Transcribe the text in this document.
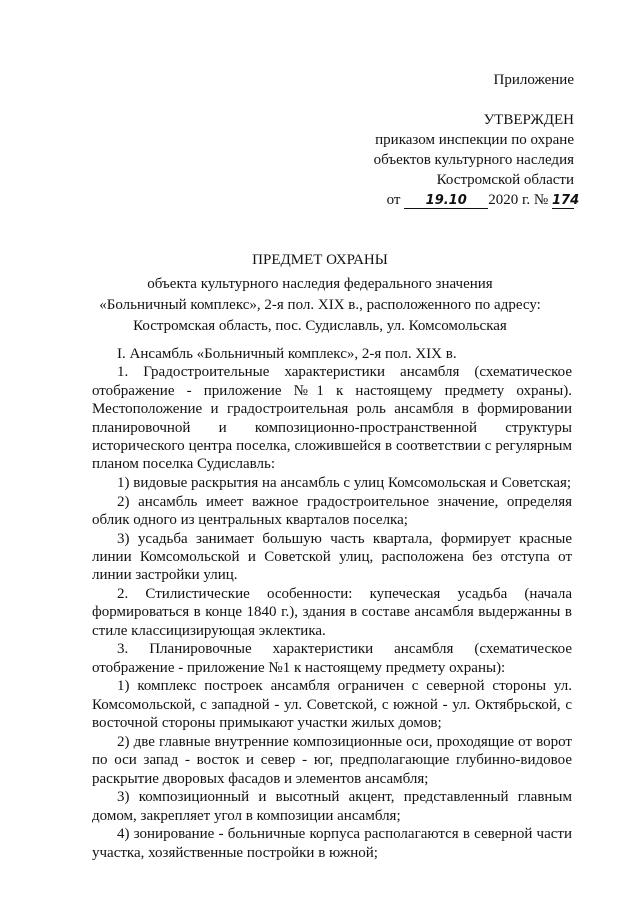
Приложение
УТВЕРЖДЕН
приказом инспекции по охране
объектов культурного наследия
Костромской области
от 19.10 2020 г. № 174
ПРЕДМЕТ ОХРАНЫ
объекта культурного наследия федерального значения
«Больничный комплекс», 2-я пол. XIX в., расположенного по адресу:
Костромская область, пос. Судиславль, ул. Комсомольская

I. Ансамбль «Больничный комплекс», 2-я пол. XIX в.

1. Градостроительные характеристики ансамбля (схематическое отображение - приложение №1 к настоящему предмету охраны). Местоположение и градостроительная роль ансамбля в формировании планировочной и композиционно-пространственной структуры исторического центра поселка, сложившейся в соответствии с регулярным планом поселка Судиславль:

1) видовые раскрытия на ансамбль с улиц Комсомольская и Советская;

2) ансамбль имеет важное градостроительное значение, определяя облик одного из центральных кварталов поселка;

3) усадьба занимает большую часть квартала, формирует красные линии Комсомольской и Советской улиц, расположена без отступа от линии застройки улиц.

2. Стилистические особенности: купеческая усадьба (начала формироваться в конце 1840 г.), здания в составе ансамбля выдержанны в стиле классицизирующая эклектика.

3. Планировочные характеристики ансамбля (схематическое отображение - приложение №1 к настоящему предмету охраны):

1) комплекс построек ансамбля ограничен с северной стороны ул. Комсомольской, с западной - ул. Советской, с южной - ул. Октябрьской, с восточной стороны примыкают участки жилых домов;

2) две главные внутренние композиционные оси, проходящие от ворот по оси запад - восток и север - юг, предполагающие глубинно-видовое раскрытие дворовых фасадов и элементов ансамбля;

3) композиционный и высотный акцент, представленный главным домом, закрепляет угол в композиции ансамбля;

4) зонирование - больничные корпуса располагаются в северной части участка, хозяйственные постройки в южной;
